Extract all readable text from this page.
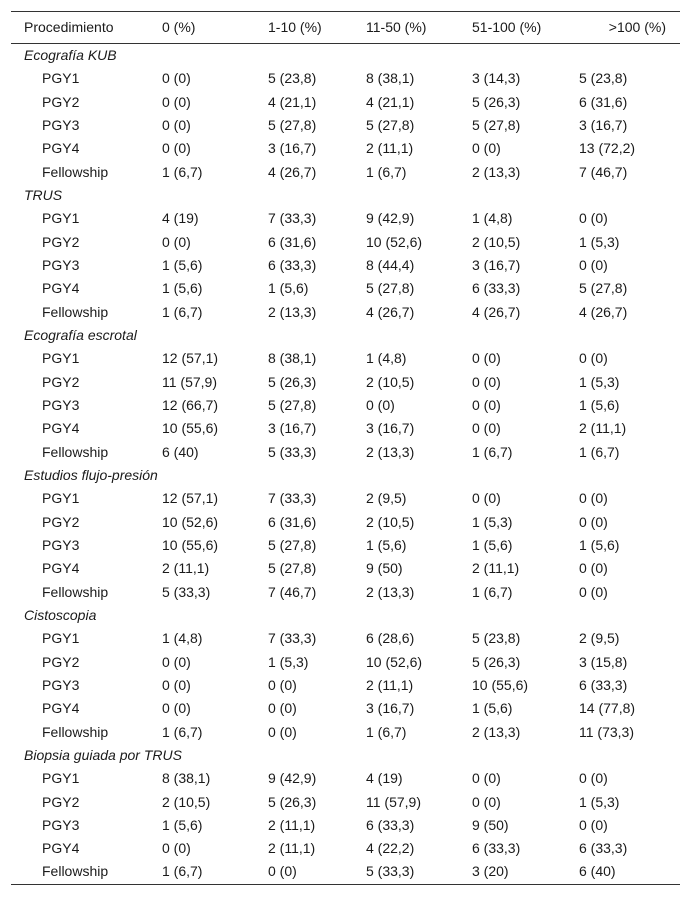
Procedimiento	0 (%)	1-10 (%)	11-50 (%)	51-100 (%)	>100 (%)
Ecografía KUB					
PGY1	0 (0)	5 (23,8)	8 (38,1)	3 (14,3)	5 (23,8)
PGY2	0 (0)	4 (21,1)	4 (21,1)	5 (26,3)	6 (31,6)
PGY3	0 (0)	5 (27,8)	5 (27,8)	5 (27,8)	3 (16,7)
PGY4	0 (0)	3 (16,7)	2 (11,1)	0 (0)	13 (72,2)
Fellowship	1 (6,7)	4 (26,7)	1 (6,7)	2 (13,3)	7 (46,7)
TRUS					
PGY1	4 (19)	7 (33,3)	9 (42,9)	1 (4,8)	0 (0)
PGY2	0 (0)	6 (31,6)	10 (52,6)	2 (10,5)	1 (5,3)
PGY3	1 (5,6)	6 (33,3)	8 (44,4)	3 (16,7)	0 (0)
PGY4	1 (5,6)	1 (5,6)	5 (27,8)	6 (33,3)	5 (27,8)
Fellowship	1 (6,7)	2 (13,3)	4 (26,7)	4 (26,7)	4 (26,7)
Ecografía escrotal					
PGY1	12 (57,1)	8 (38,1)	1 (4,8)	0 (0)	0 (0)
PGY2	11 (57,9)	5 (26,3)	2 (10,5)	0 (0)	1 (5,3)
PGY3	12 (66,7)	5 (27,8)	0 (0)	0 (0)	1 (5,6)
PGY4	10 (55,6)	3 (16,7)	3 (16,7)	0 (0)	2 (11,1)
Fellowship	6 (40)	5 (33,3)	2 (13,3)	1 (6,7)	1 (6,7)
Estudios flujo-presión					
PGY1	12 (57,1)	7 (33,3)	2 (9,5)	0 (0)	0 (0)
PGY2	10 (52,6)	6 (31,6)	2 (10,5)	1 (5,3)	0 (0)
PGY3	10 (55,6)	5 (27,8)	1 (5,6)	1 (5,6)	1 (5,6)
PGY4	2 (11,1)	5 (27,8)	9 (50)	2 (11,1)	0 (0)
Fellowship	5 (33,3)	7 (46,7)	2 (13,3)	1 (6,7)	0 (0)
Cistoscopia					
PGY1	1 (4,8)	7 (33,3)	6 (28,6)	5 (23,8)	2 (9,5)
PGY2	0 (0)	1 (5,3)	10 (52,6)	5 (26,3)	3 (15,8)
PGY3	0 (0)	0 (0)	2 (11,1)	10 (55,6)	6 (33,3)
PGY4	0 (0)	0 (0)	3 (16,7)	1 (5,6)	14 (77,8)
Fellowship	1 (6,7)	0 (0)	1 (6,7)	2 (13,3)	11 (73,3)
Biopsia guiada por TRUS					
PGY1	8 (38,1)	9 (42,9)	4 (19)	0 (0)	0 (0)
PGY2	2 (10,5)	5 (26,3)	11 (57,9)	0 (0)	1 (5,3)
PGY3	1 (5,6)	2 (11,1)	6 (33,3)	9 (50)	0 (0)
PGY4	0 (0)	2 (11,1)	4 (22,2)	6 (33,3)	6 (33,3)
Fellowship	1 (6,7)	0 (0)	5 (33,3)	3 (20)	6 (40)
